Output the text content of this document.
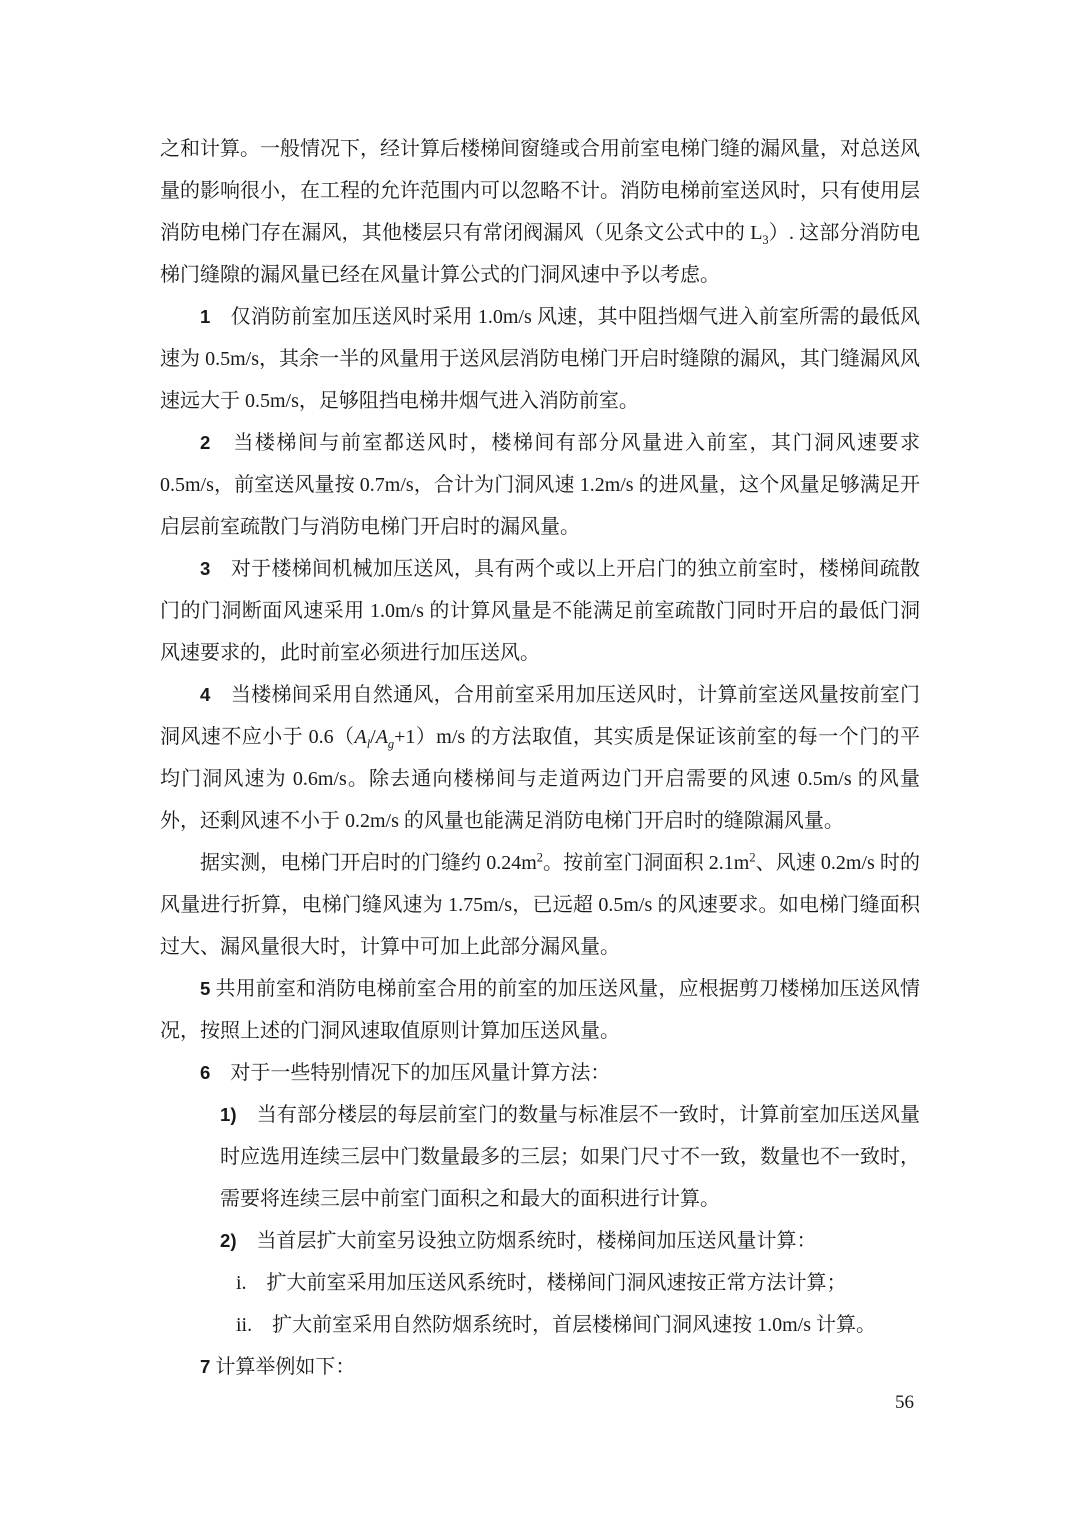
之和计算。一般情况下，经计算后楼梯间窗缝或合用前室电梯门缝的漏风量，对总送风量的影响很小，在工程的允许范围内可以忽略不计。消防电梯前室送风时，只有使用层消防电梯门存在漏风，其他楼层只有常闭阀漏风（见条文公式中的 $L_3$）. 这部分消防电梯门缝隙的漏风量已经在风量计算公式的门洞风速中予以考虑。

1　仅消防前室加压送风时采用 1.0m/s 风速，其中阻挡烟气进入前室所需的最低风速为 0.5m/s，其余一半的风量用于送风层消防电梯门开启时缝隙的漏风，其门缝漏风风速远大于 0.5m/s，足够阻挡电梯井烟气进入消防前室。

2　当楼梯间与前室都送风时，楼梯间有部分风量进入前室，其门洞风速要求 0.5m/s，前室送风量按 0.7m/s，合计为门洞风速 1.2m/s 的进风量，这个风量足够满足开启层前室疏散门与消防电梯门开启时的漏风量。

3　对于楼梯间机械加压送风，具有两个或以上开启门的独立前室时，楼梯间疏散门的门洞断面风速采用 1.0m/s 的计算风量是不能满足前室疏散门同时开启的最低门洞风速要求的，此时前室必须进行加压送风。

4　当楼梯间采用自然通风，合用前室采用加压送风时，计算前室送风量按前室门洞风速不应小于 $0.6(A_l/A_g+1)m/s$ 的方法取值，其实质是保证该前室的每一个门的平均门洞风速为 0.6m/s。除去通向楼梯间与走道两边门开启需要的风速 0.5m/s 的风量外，还剩风速不小于 0.2m/s 的风量也能满足消防电梯门开启时的缝隙漏风量。

据实测，电梯门开启时的门缝约 $0.24m^2$。按前室门洞面积 $2.1m^2$、风速 0.2m/s 时的风量进行折算，电梯门缝风速为 1.75m/s，已远超 0.5m/s 的风速要求。如电梯门缝面积过大、漏风量很大时，计算中可加上此部分漏风量。

5 共用前室和消防电梯前室合用的前室的加压送风量，应根据剪刀楼梯加压送风情况，按照上述的门洞风速取值原则计算加压送风量。

6　对于一些特别情况下的加压风量计算方法：

1)　当有部分楼层的每层前室门的数量与标准层不一致时，计算前室加压送风量时应选用连续三层中门数量最多的三层；如果门尺寸不一致，数量也不一致时，需要将连续三层中前室门面积之和最大的面积进行计算。

2)　当首层扩大前室另设独立防烟系统时，楼梯间加压送风量计算：

i.　扩大前室采用加压送风系统时，楼梯间门洞风速按正常方法计算；

ii.　扩大前室采用自然防烟系统时，首层楼梯间门洞风速按 1.0m/s 计算。

7 计算举例如下：

56
